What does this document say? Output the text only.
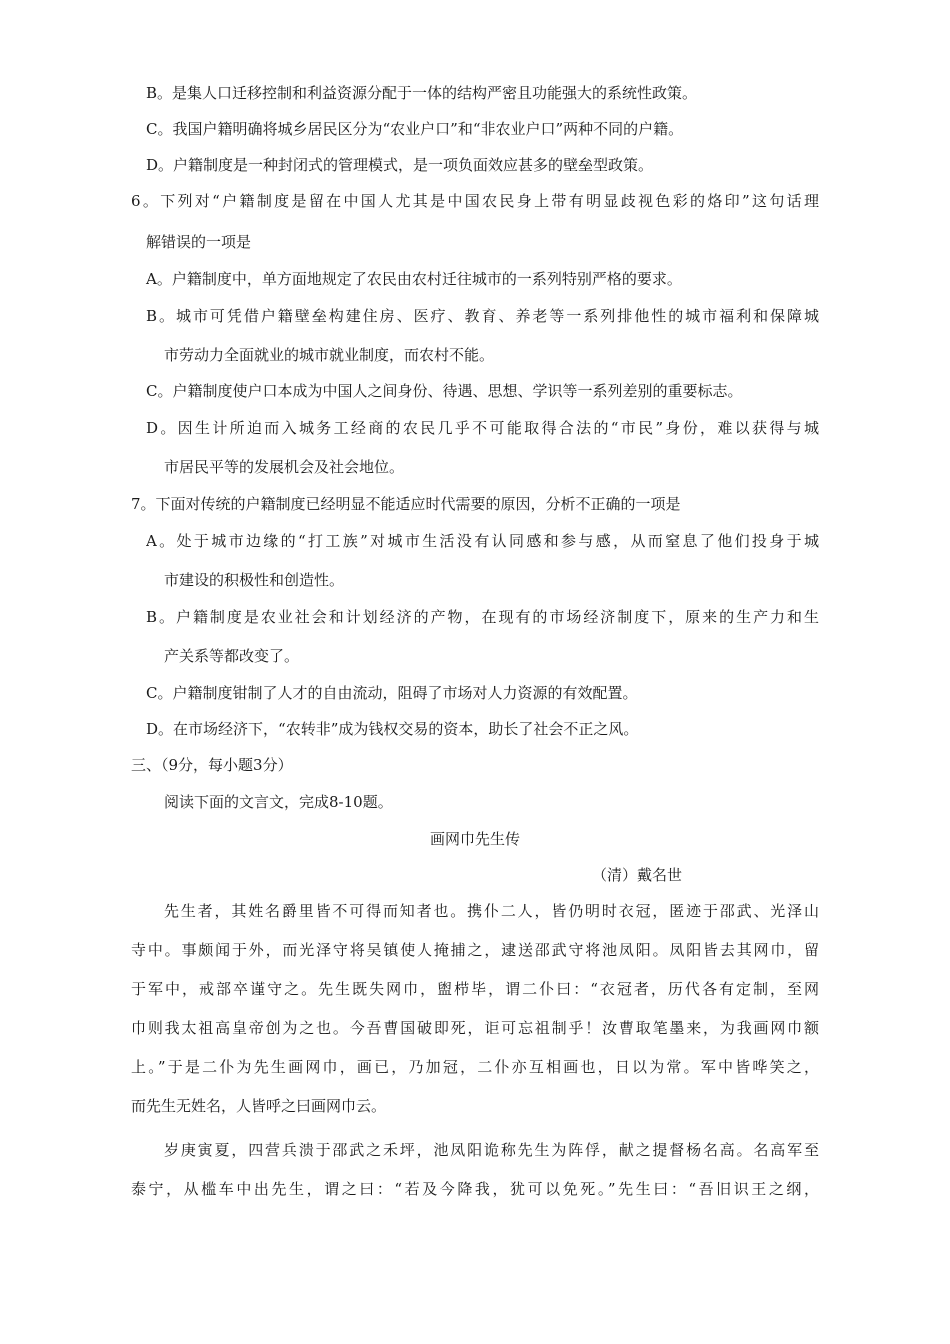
B。是集人口迁移控制和利益资源分配于一体的结构严密且功能强大的系统性政策。
C。我国户籍明确将城乡居民区分为“农业户口”和“非农业户口”两种不同的户籍。
D。户籍制度是一种封闭式的管理模式，是一项负面效应甚多的壁垒型政策。
6。下列对“户籍制度是留在中国人尤其是中国农民身上带有明显歧视色彩的烙印”这句话理
解错误的一项是
A。户籍制度中，单方面地规定了农民由农村迁往城市的一系列特别严格的要求。
B。城市可凭借户籍壁垒构建住房、医疗、教育、养老等一系列排他性的城市福利和保障城
市劳动力全面就业的城市就业制度，而农村不能。
C。户籍制度使户口本成为中国人之间身份、待遇、思想、学识等一系列差别的重要标志。
D。因生计所迫而入城务工经商的农民几乎不可能取得合法的“市民”身份，难以获得与城
市居民平等的发展机会及社会地位。
7。下面对传统的户籍制度已经明显不能适应时代需要的原因，分析不正确的一项是
A。处于城市边缘的“打工族”对城市生活没有认同感和参与感，从而窒息了他们投身于城
市建设的积极性和创造性。
B。户籍制度是农业社会和计划经济的产物，在现有的市场经济制度下，原来的生产力和生
产关系等都改变了。
C。户籍制度钳制了人才的自由流动，阻碍了市场对人力资源的有效配置。
D。在市场经济下，“农转非”成为钱权交易的资本，助长了社会不正之风。
三、（9分，每小题3分）
阅读下面的文言文，完成8-10题。
画网巾先生传
（清）戴名世
先生者，其姓名爵里皆不可得而知者也。携仆二人，皆仍明时衣冠，匿迹于邵武、光泽山
寺中。事颇闻于外，而光泽守将吴镇使人掩捕之，逮送邵武守将池凤阳。凤阳皆去其网巾，留
于军中，戒部卒谨守之。先生既失网巾，盥栉毕，谓二仆曰：“衣冠者，历代各有定制，至网
巾则我太祖高皇帝创为之也。今吾曹国破即死，讵可忘祖制乎！汝曹取笔墨来，为我画网巾额
上。”于是二仆为先生画网巾，画已，乃加冠，二仆亦互相画也，日以为常。军中皆哗笑之，
而先生无姓名，人皆呼之曰画网巾云。
岁庚寅夏，四营兵溃于邵武之禾坪，池凤阳诡称先生为阵俘，献之提督杨名高。名高军至
泰宁，从槛车中出先生，谓之曰：“若及今降我，犹可以免死。”先生曰：“吾旧识王之纲，
